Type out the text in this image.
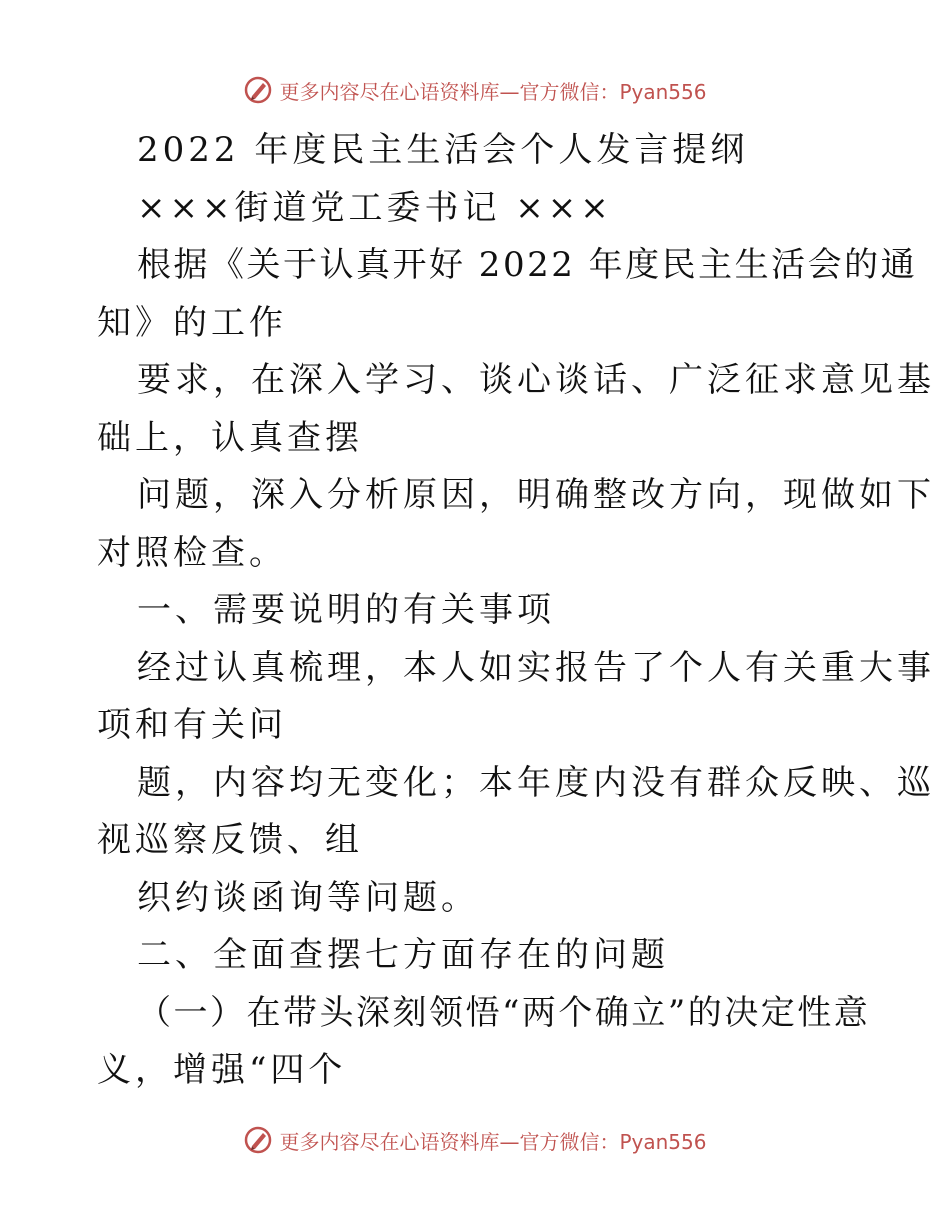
更多内容尽在心语资料库—官方微信：Pyan556
2022 年度民主生活会个人发言提纲
×××街道党工委书记 ×××
根据《关于认真开好 2022 年度民主生活会的通
知》的工作
要求，在深入学习、谈心谈话、广泛征求意见基
础上，认真查摆
问题，深入分析原因，明确整改方向，现做如下
对照检查。
一、需要说明的有关事项
经过认真梳理，本人如实报告了个人有关重大事
项和有关问
题，内容均无变化；本年度内没有群众反映、巡
视巡察反馈、组
织约谈函询等问题。
二、全面查摆七方面存在的问题
（一）在带头深刻领悟“两个确立”的决定性意
义，增强“四个
更多内容尽在心语资料库—官方微信：Pyan556
